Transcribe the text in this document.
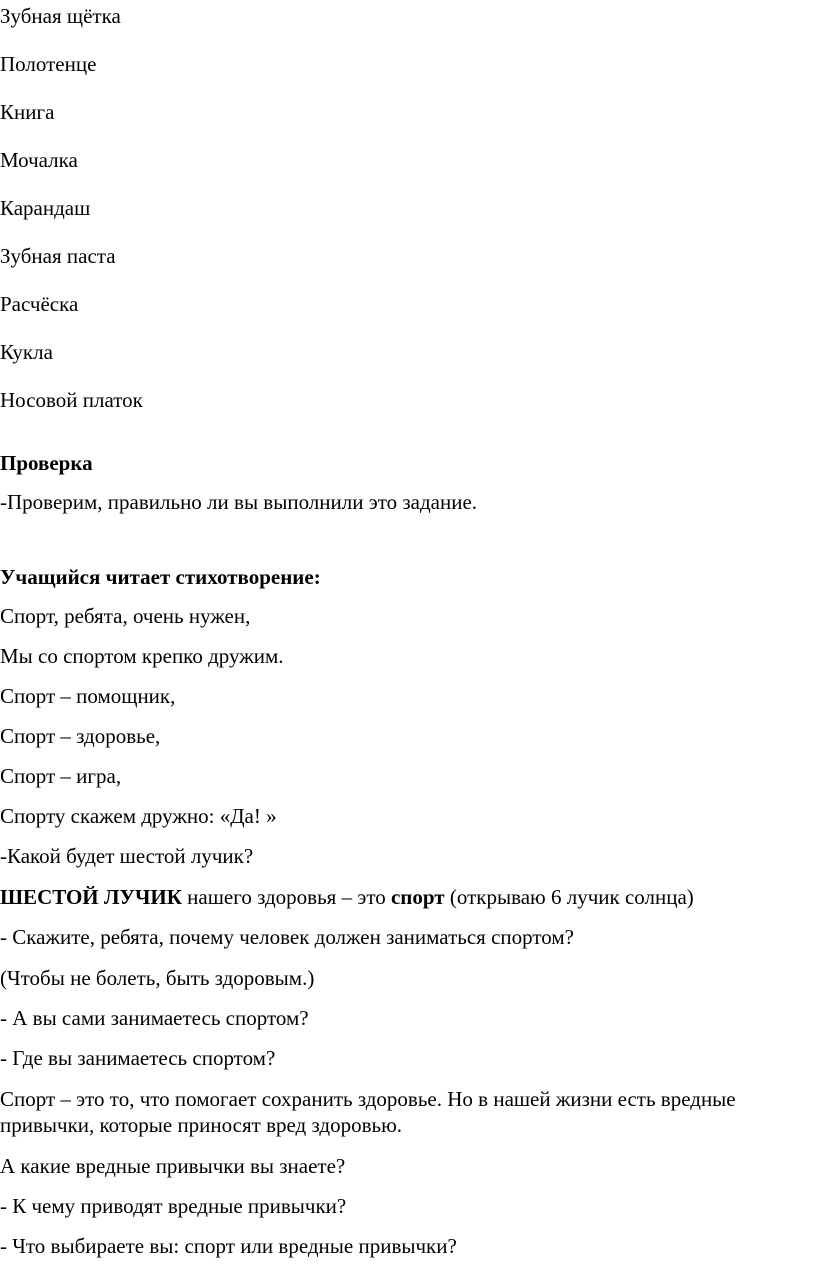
Зубная щётка

Полотенце

Книга

Мочалка

Карандаш

Зубная паста

Расчёска

Кукла

Носовой платок

Проверка

-Проверим, правильно ли вы выполнили это задание.

Учащийся читает стихотворение:

Спорт, ребята, очень нужен,

Мы со спортом крепко дружим.

Спорт – помощник,

Спорт – здоровье,

Спорт – игра,

Спорту скажем дружно: «Да! »

-Какой будет шестой лучик?

ШЕСТОЙ ЛУЧИК нашего здоровья – это спорт (открываю 6 лучик солнца)

- Скажите, ребята, почему человек должен заниматься спортом?

(Чтобы не болеть, быть здоровым.)

- А вы сами занимаетесь спортом?

- Где вы занимаетесь спортом?

Спорт – это то, что помогает сохранить здоровье. Но в нашей жизни есть вредные привычки, которые приносят вред здоровью.

А какие вредные привычки вы знаете?

- К чему приводят вредные привычки?

- Что выбираете вы: спорт или вредные привычки?
